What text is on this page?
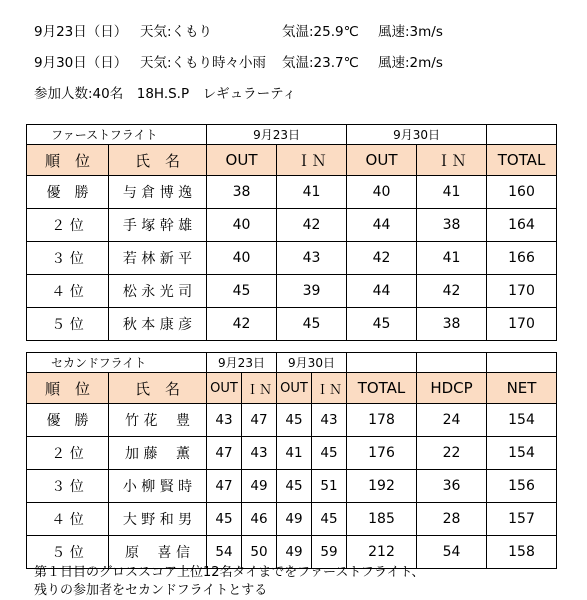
9月23日（日） 天気:くもり	気温:25.9℃ 風速:3m/s
9月30日（日） 天気:くもり時々小雨 気温:23.7℃ 風速:2m/s
参加人数:40名　18H.S.P　レギュラーティ
ファーストフライト		9月23日		9月30日		
順　位	氏　名	OUT	ＩＮ	OUT	ＩＮ	TOTAL
優　勝	与 倉 博 逸	38	41	40	41	160
２ 位	手 塚 幹 雄	40	42	44	38	164
３ 位	若 林 新 平	40	43	42	41	166
４ 位	松 永 光 司	45	39	44	42	170
５ 位	秋 本 康 彦	42	45	45	38	170
セカンドフライト		9月23日		9月30日				
順　位	氏　名	OUT	ＩＮ	OUT	ＩＮ	TOTAL	HDCP	NET
優　勝	竹 花　 豊	43	47	45	43	178	24	154
２ 位	加 藤　 薫	47	43	41	45	176	22	154
３ 位	小 柳 賢 時	47	49	45	51	192	36	156
４ 位	大 野 和 男	45	46	49	45	185	28	157
５ 位	原　 喜 信	54	50	49	59	212	54	158
第１日目のグロススコア上位12名タイまでをファーストフライト、
残りの参加者をセカンドフライトとする
